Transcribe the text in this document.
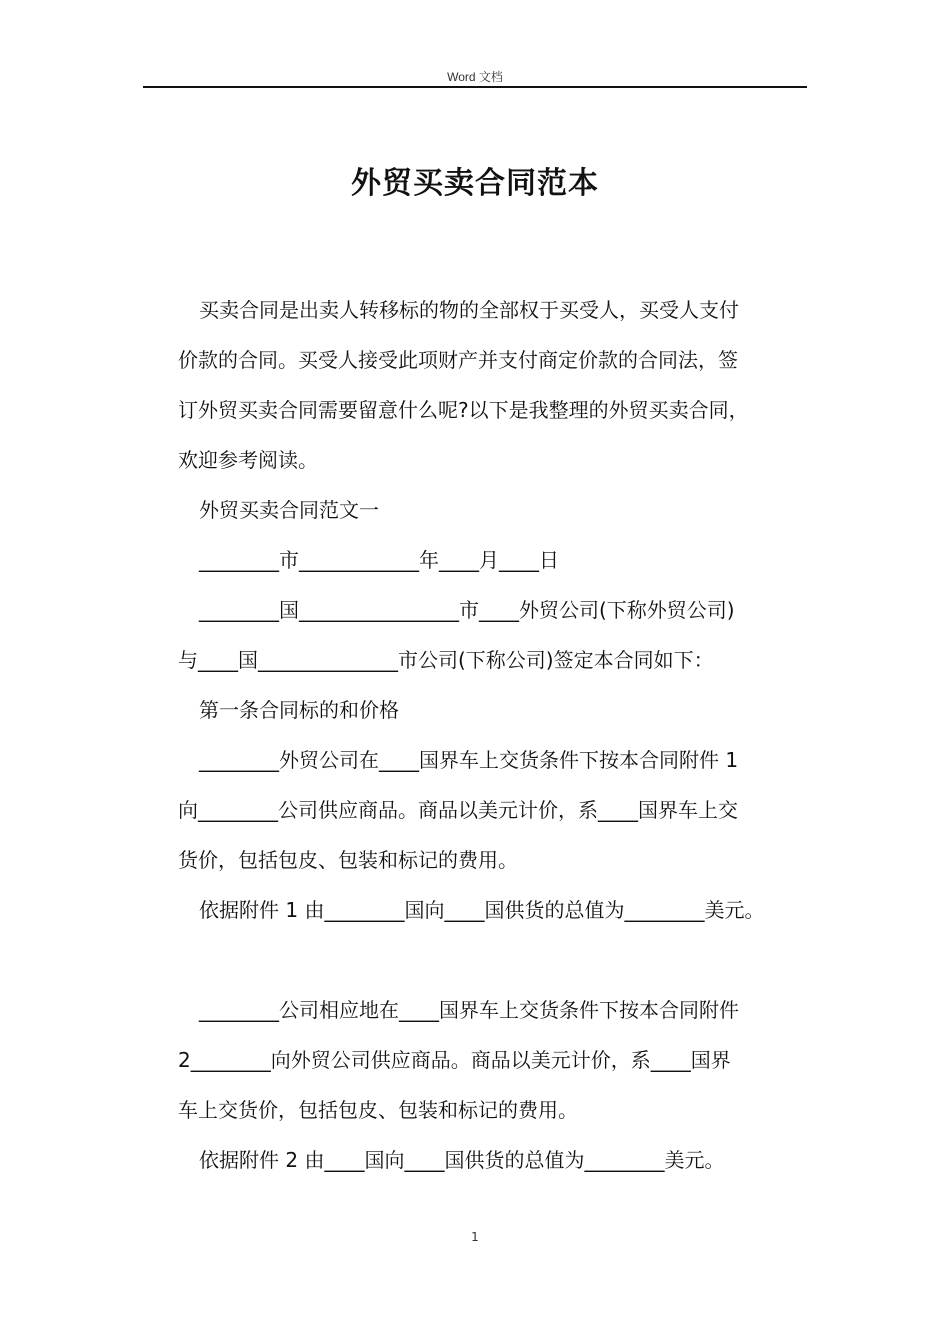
Word 文档
外贸买卖合同范本
买卖合同是出卖人转移标的物的全部权于买受人，买受人支付
价款的合同。买受人接受此项财产并支付商定价款的合同法，签
订外贸买卖合同需要留意什么呢?以下是我整理的外贸买卖合同，
欢迎参考阅读。
外贸买卖合同范文一
________市____________年____月____日
________国________________市____外贸公司(下称外贸公司)
与____国______________市公司(下称公司)签定本合同如下：
第一条合同标的和价格
________外贸公司在____国界车上交货条件下按本合同附件 1
向________公司供应商品。商品以美元计价，系____国界车上交
货价，包括包皮、包装和标记的费用。
依据附件 1 由________国向____国供货的总值为________美元。
________公司相应地在____国界车上交货条件下按本合同附件
2________向外贸公司供应商品。商品以美元计价，系____国界
车上交货价，包括包皮、包装和标记的费用。
依据附件 2 由____国向____国供货的总值为________美元。
1
